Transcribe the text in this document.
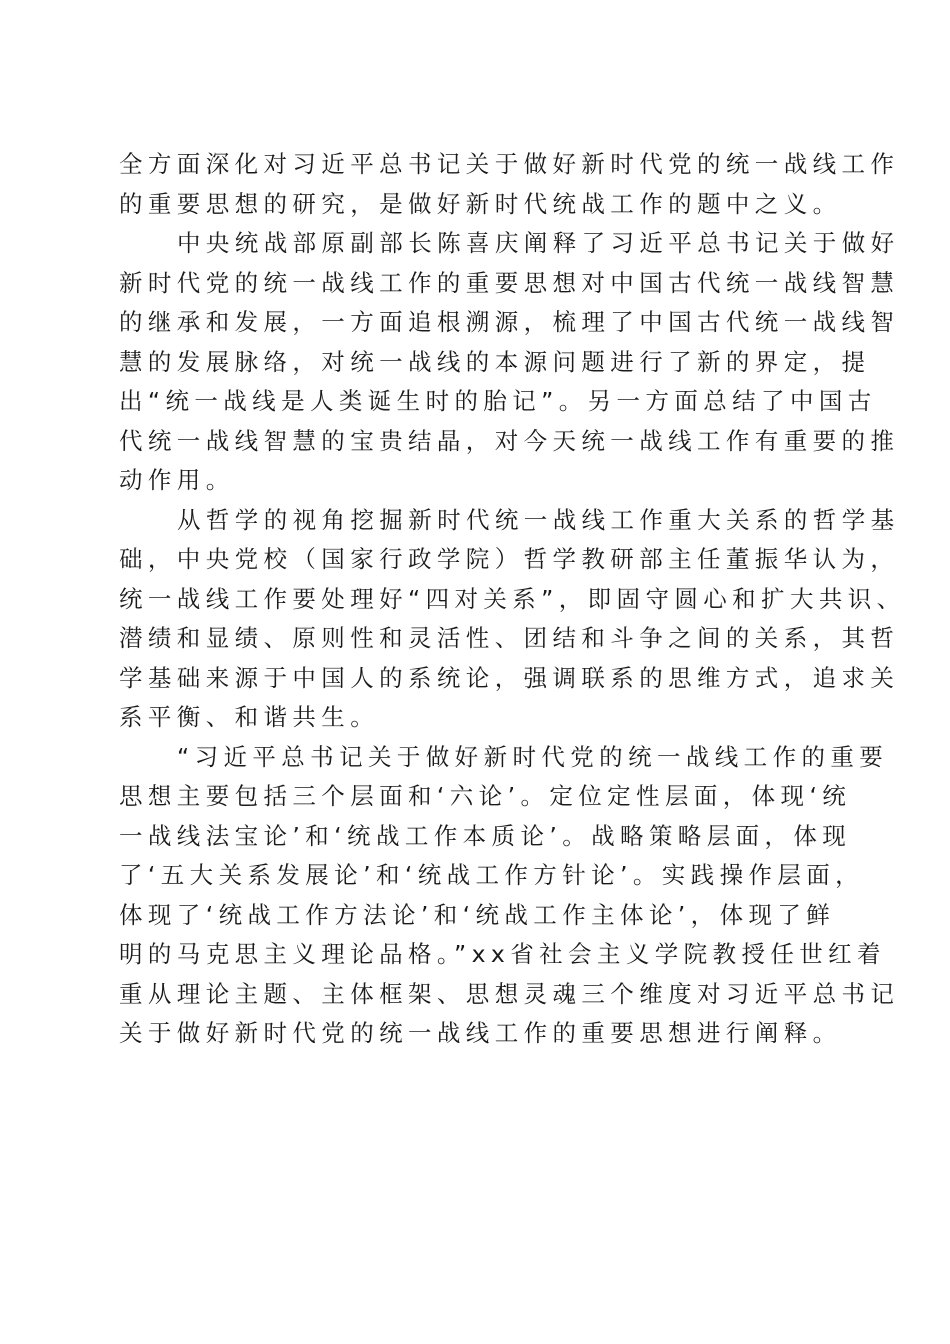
全方面深化对习近平总书记关于做好新时代党的统一战线工作
的重要思想的研究，是做好新时代统战工作的题中之义。
中央统战部原副部长陈喜庆阐释了习近平总书记关于做好
新时代党的统一战线工作的重要思想对中国古代统一战线智慧
的继承和发展，一方面追根溯源，梳理了中国古代统一战线智
慧的发展脉络，对统一战线的本源问题进行了新的界定，提
出“统一战线是人类诞生时的胎记”。另一方面总结了中国古
代统一战线智慧的宝贵结晶，对今天统一战线工作有重要的推
动作用。
从哲学的视角挖掘新时代统一战线工作重大关系的哲学基
础，中央党校（国家行政学院）哲学教研部主任董振华认为，
统一战线工作要处理好“四对关系”，即固守圆心和扩大共识、
潜绩和显绩、原则性和灵活性、团结和斗争之间的关系，其哲
学基础来源于中国人的系统论，强调联系的思维方式，追求关
系平衡、和谐共生。
“习近平总书记关于做好新时代党的统一战线工作的重要
思想主要包括三个层面和‘六论’。定位定性层面，体现‘统
一战线法宝论’和‘统战工作本质论’。战略策略层面，体现
了‘五大关系发展论’和‘统战工作方针论’。实践操作层面，
体现了‘统战工作方法论’和‘统战工作主体论’，体现了鲜
明的马克思主义理论品格。”xx省社会主义学院教授任世红着
重从理论主题、主体框架、思想灵魂三个维度对习近平总书记
关于做好新时代党的统一战线工作的重要思想进行阐释。
